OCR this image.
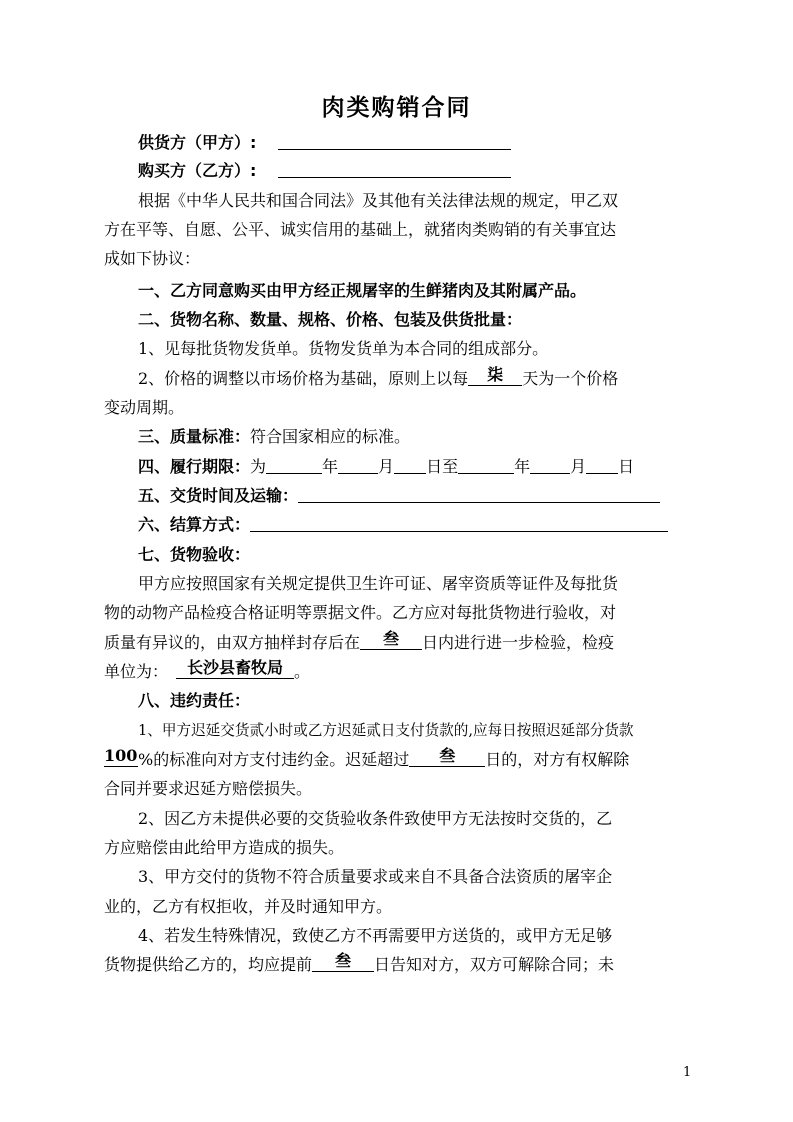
肉类购销合同
供货方（甲方）:
购买方（乙方）:
根据《中华人民共和国合同法》及其他有关法律法规的规定，甲乙双
方在平等、自愿、公平、诚实信用的基础上，就猪肉类购销的有关事宜达
成如下协议：
一、乙方同意购买由甲方经正规屠宰的生鲜猪肉及其附属产品。
二、货物名称、数量、规格、价格、包装及供货批量：
1、见每批货物发货单。货物发货单为本合同的组成部分。
2、价格的调整以市场价格为基础，原则上以每 柒 天为一个价格
变动周期。
三、质量标准：符合国家相应的标准。
四、履行期限：为	年	月 日至	年	月 日
五、交货时间及运输：
六、结算方式：
七、货物验收：
甲方应按照国家有关规定提供卫生许可证、屠宰资质等证件及每批货
物的动物产品检疫合格证明等票据文件。乙方应对每批货物进行验收，对
质量有异议的，由双方抽样封存后在 叁 日内进行进一步检验，检疫
单位为： 长沙县畜牧局 。
八、违约责任：
1、甲方迟延交货贰小时或乙方迟延贰日支付货款的,应每日按照迟延部分货款
100%的标准向对方支付违约金。迟延超过 叁 日的，对方有权解除
合同并要求迟延方赔偿损失。
2、因乙方未提供必要的交货验收条件致使甲方无法按时交货的，乙
方应赔偿由此给甲方造成的损失。
3、甲方交付的货物不符合质量要求或来自不具备合法资质的屠宰企
业的，乙方有权拒收，并及时通知甲方。
4、若发生特殊情况，致使乙方不再需要甲方送货的，或甲方无足够
货物提供给乙方的，均应提前 叁 日告知对方，双方可解除合同；未
1
